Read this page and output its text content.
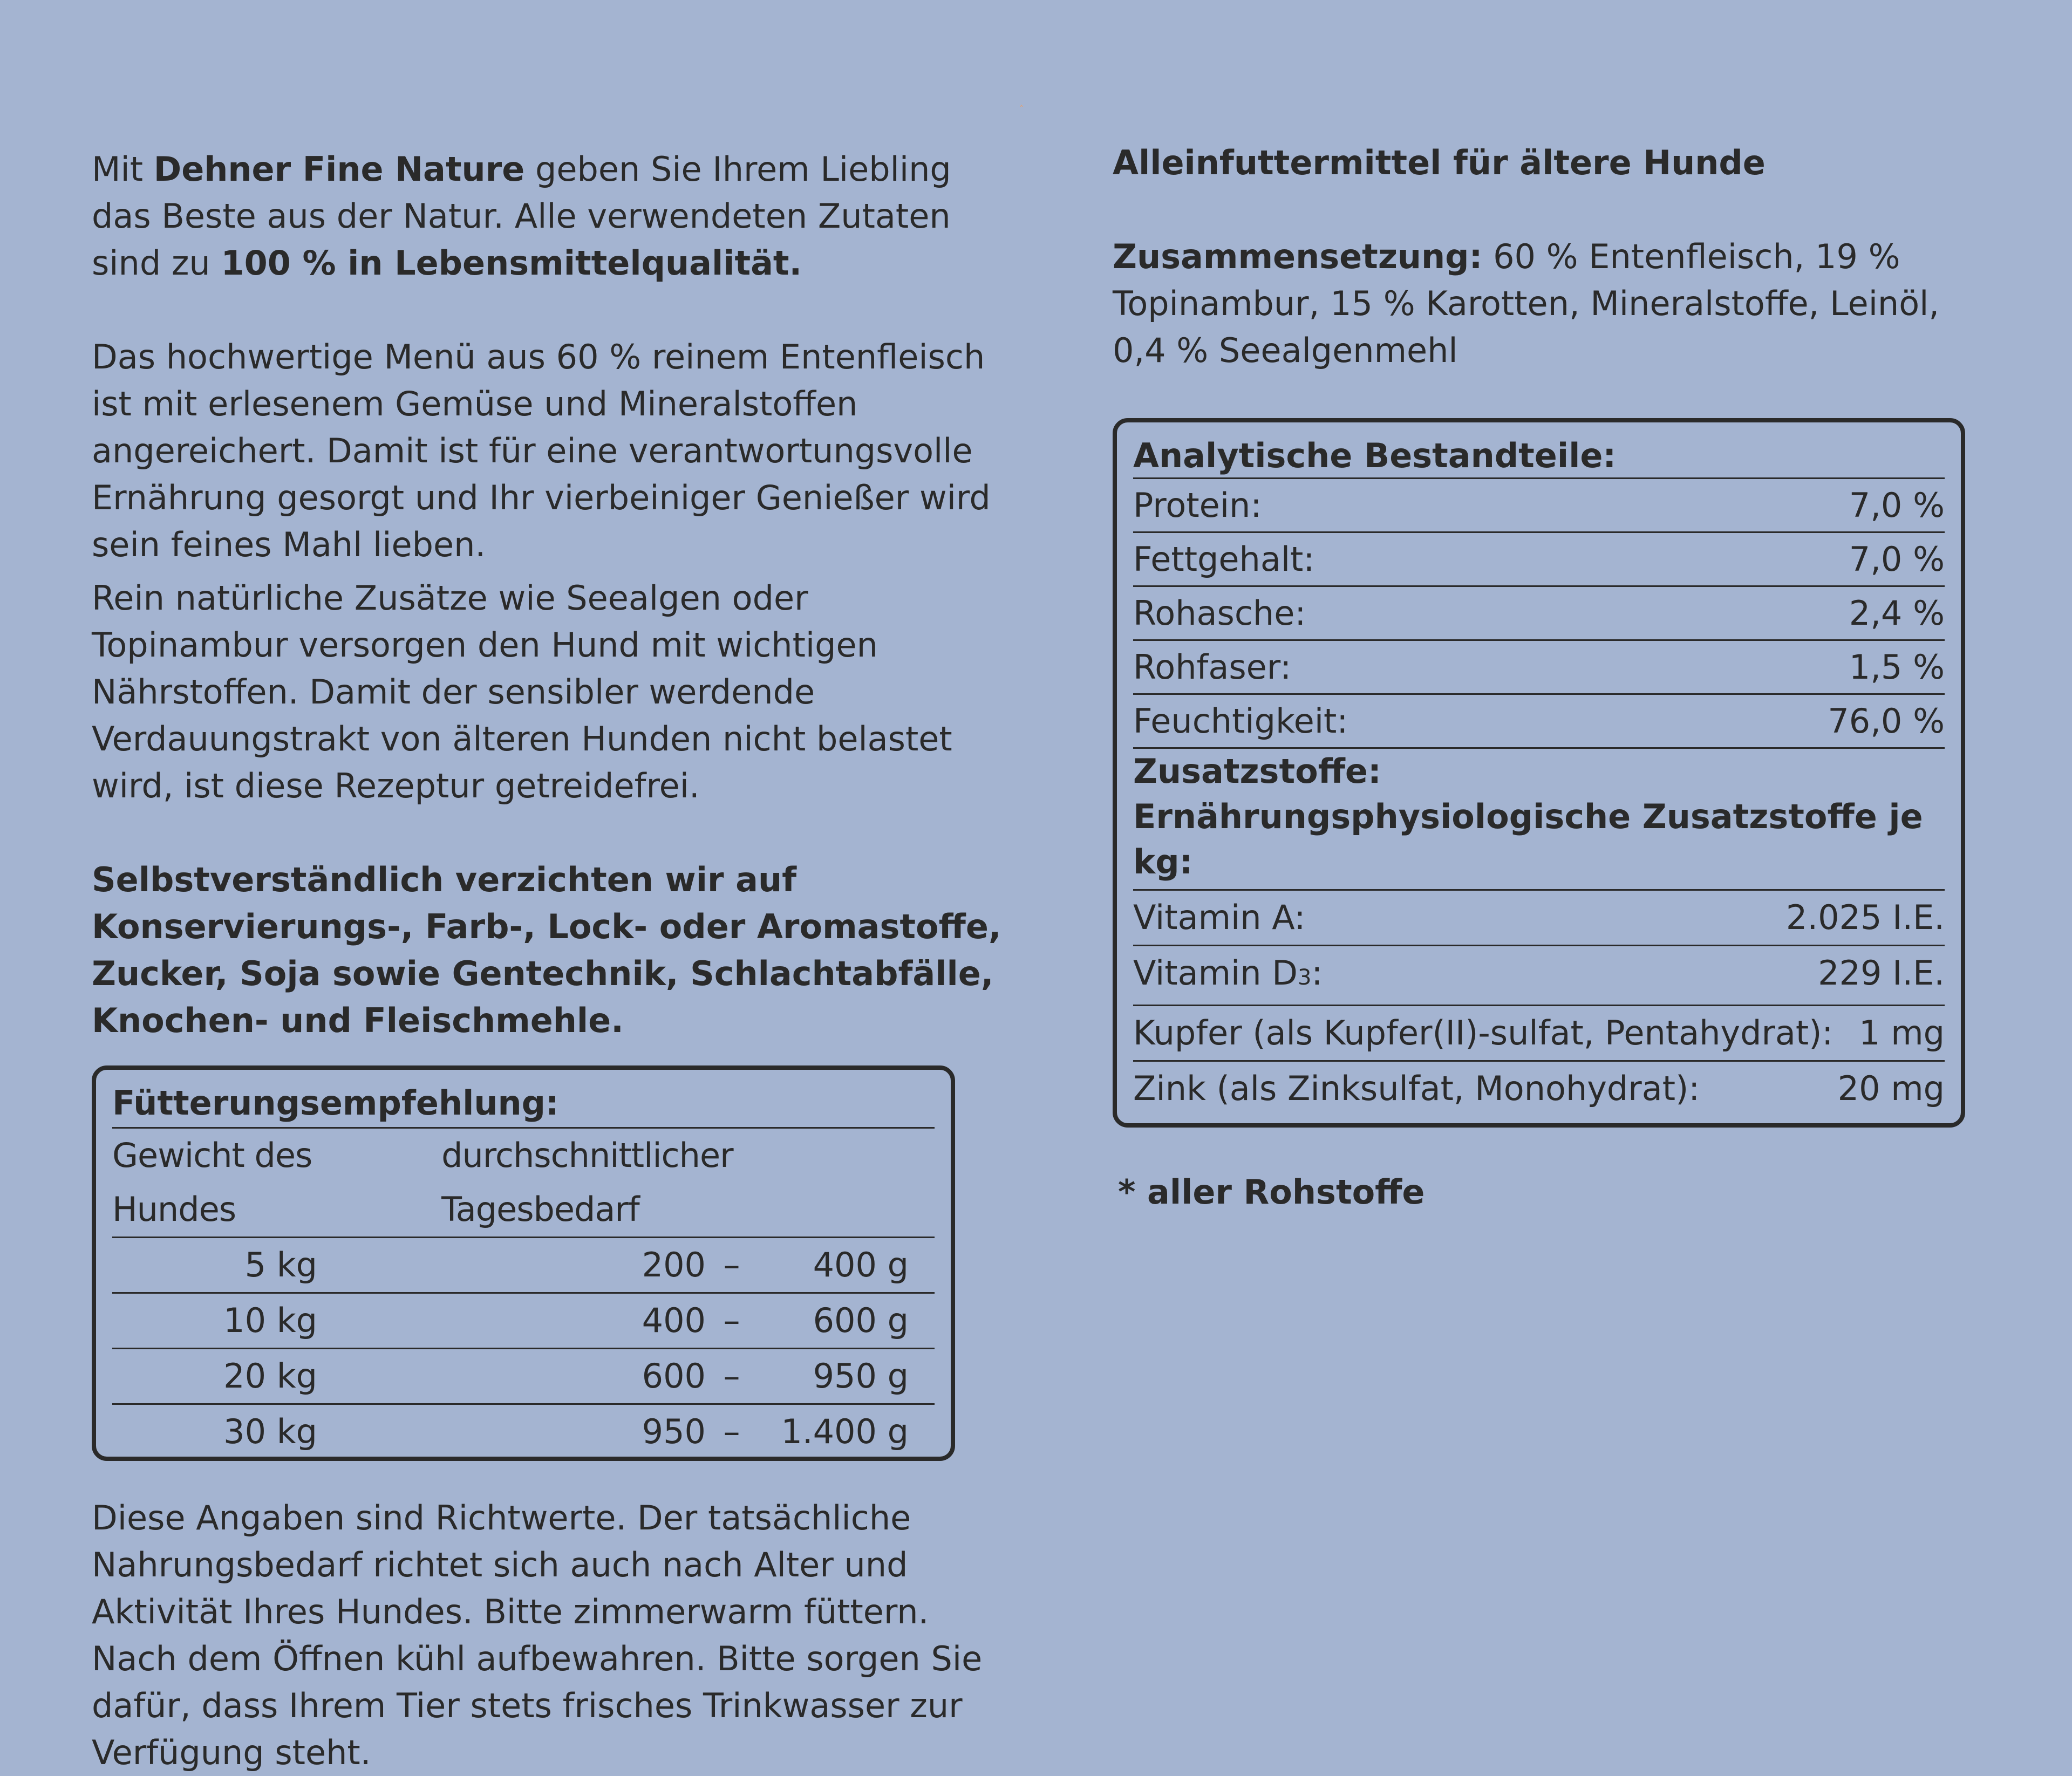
‸

Mit Dehner Fine Nature geben Sie Ihrem Liebling das Beste aus der Natur. Alle verwendeten Zutaten sind zu 100 % in Lebensmittelqualität.

Das hochwertige Menü aus 60 % reinem Entenfleisch ist mit erlesenem Gemüse und Mineralstoffen angereichert. Damit ist für eine verantwortungsvolle Ernährung gesorgt und Ihr vierbeiniger Genießer wird sein feines Mahl lieben.

Rein natürliche Zusätze wie Seealgen oder Topinambur versorgen den Hund mit wichtigen Nährstoffen. Damit der sensibler werdende Verdauungstrakt von älteren Hunden nicht belastet wird, ist diese Rezeptur getreidefrei.

Selbstverständlich verzichten wir auf Konservierungs-, Farb-, Lock- oder Aromastoffe, Zucker, Soja sowie Gentechnik, Schlachtabfälle, Knochen- und Fleischmehle.

Fütterungsempfehlung:
Gewicht des Hundes
durchschnittlicher Tagesbedarf
5 kg	200 –	400 g
10 kg	400 –	600 g
20 kg	600 –	950 g
30 kg	950 –	1.400 g

Diese Angaben sind Richtwerte. Der tatsächliche Nahrungsbedarf richtet sich auch nach Alter und Aktivität Ihres Hundes. Bitte zimmerwarm füttern. Nach dem Öffnen kühl aufbewahren. Bitte sorgen Sie dafür, dass Ihrem Tier stets frisches Trinkwasser zur Verfügung steht.

Alleinfuttermittel für ältere Hunde

Zusammensetzung: 60 % Entenfleisch, 19 % Topinambur, 15 % Karotten, Mineralstoffe, Leinöl, 0,4 % Seealgenmehl

Analytische Bestandteile:
Protein:	7,0 %
Fettgehalt:	7,0 %
Rohasche:	2,4 %
Rohfaser:	1,5 %
Feuchtigkeit:	76,0 %
Zusatzstoffe:
Ernährungsphysiologische Zusatzstoffe je kg:
Vitamin A:	2.025 I.E.
Vitamin D3:	229 I.E.
Kupfer (als Kupfer(II)-sulfat, Pentahydrat): 1 mg
Zink (als Zinksulfat, Monohydrat):	20 mg
* aller Rohstoffe
